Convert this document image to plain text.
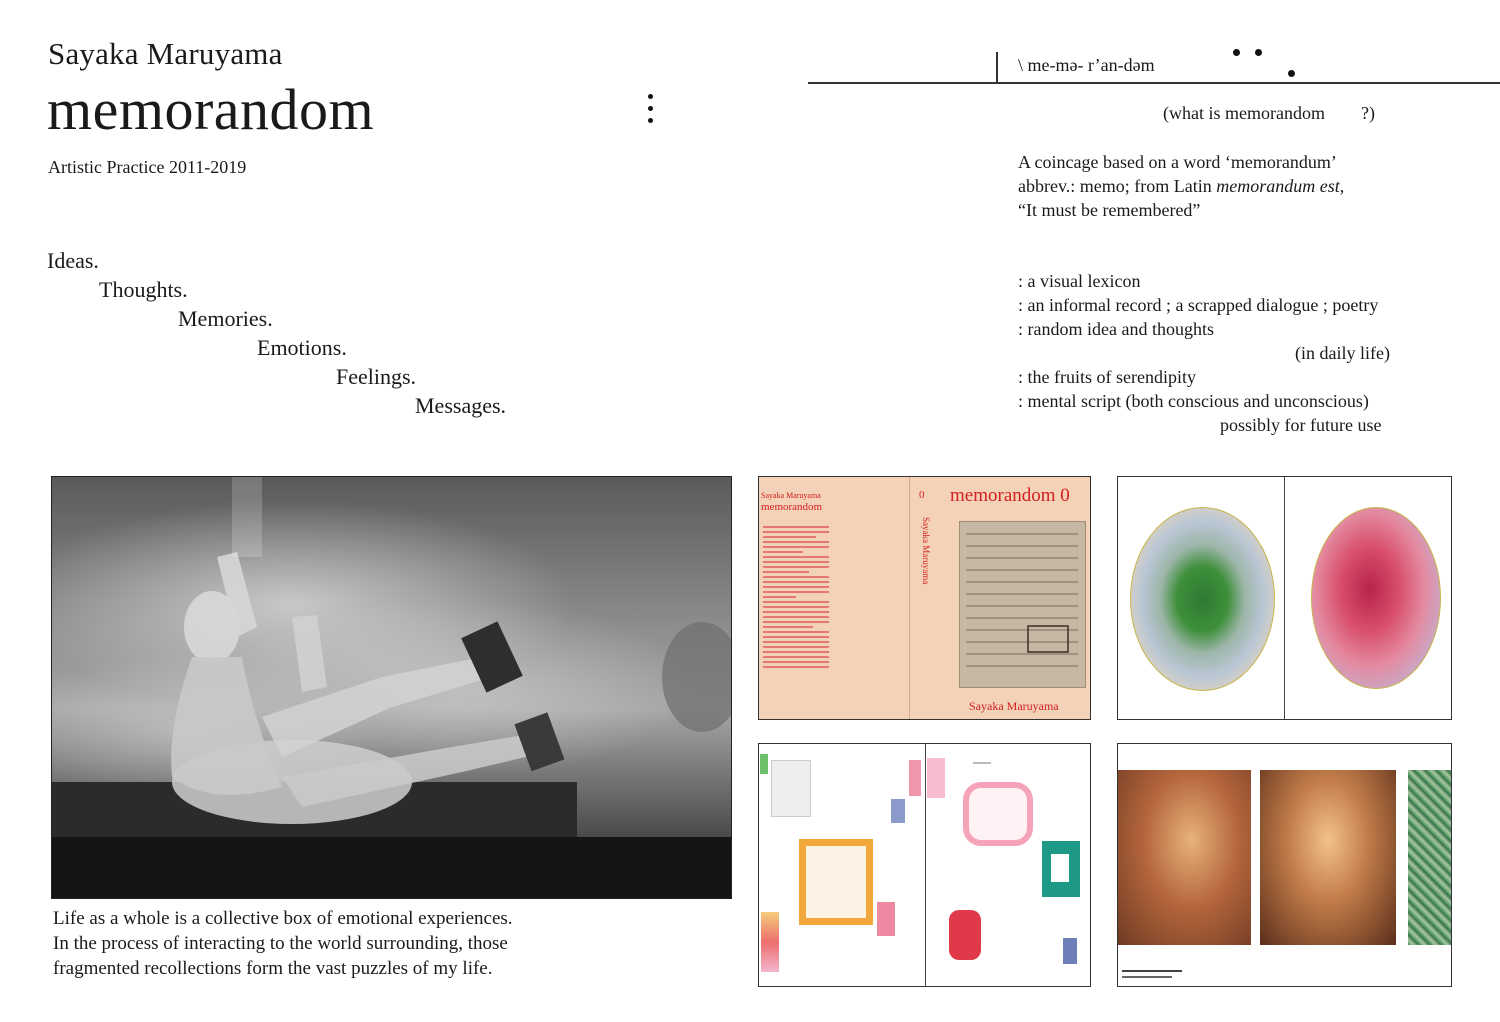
Sayaka Maruyama
memorandom
Artistic Practice 2011-2019
Ideas.
Thoughts.
Memories.
Emotions.
Feelings.
Messages.
\ me-mə- r’an-dəm
(what is memorandom        ?)
A coincage based on a word ‘memorandum’
abbrev.: memo; from Latin memorandum est,
“It must be remembered”
: a visual lexicon
: an informal record ; a scrapped dialogue ; poetry
: random idea and thoughts
(in daily life)
: the fruits of serendipity
: mental script (both conscious and unconscious)
possibly for future use
Life as a whole is a collective box of emotional experiences.
In the process of interacting to the world surrounding, those
fragmented recollections form the vast puzzles of my life.
Sayaka Maruyama
memorandom
0
Sayaka Maruyama
memorandom 0
Sayaka Maruyama
